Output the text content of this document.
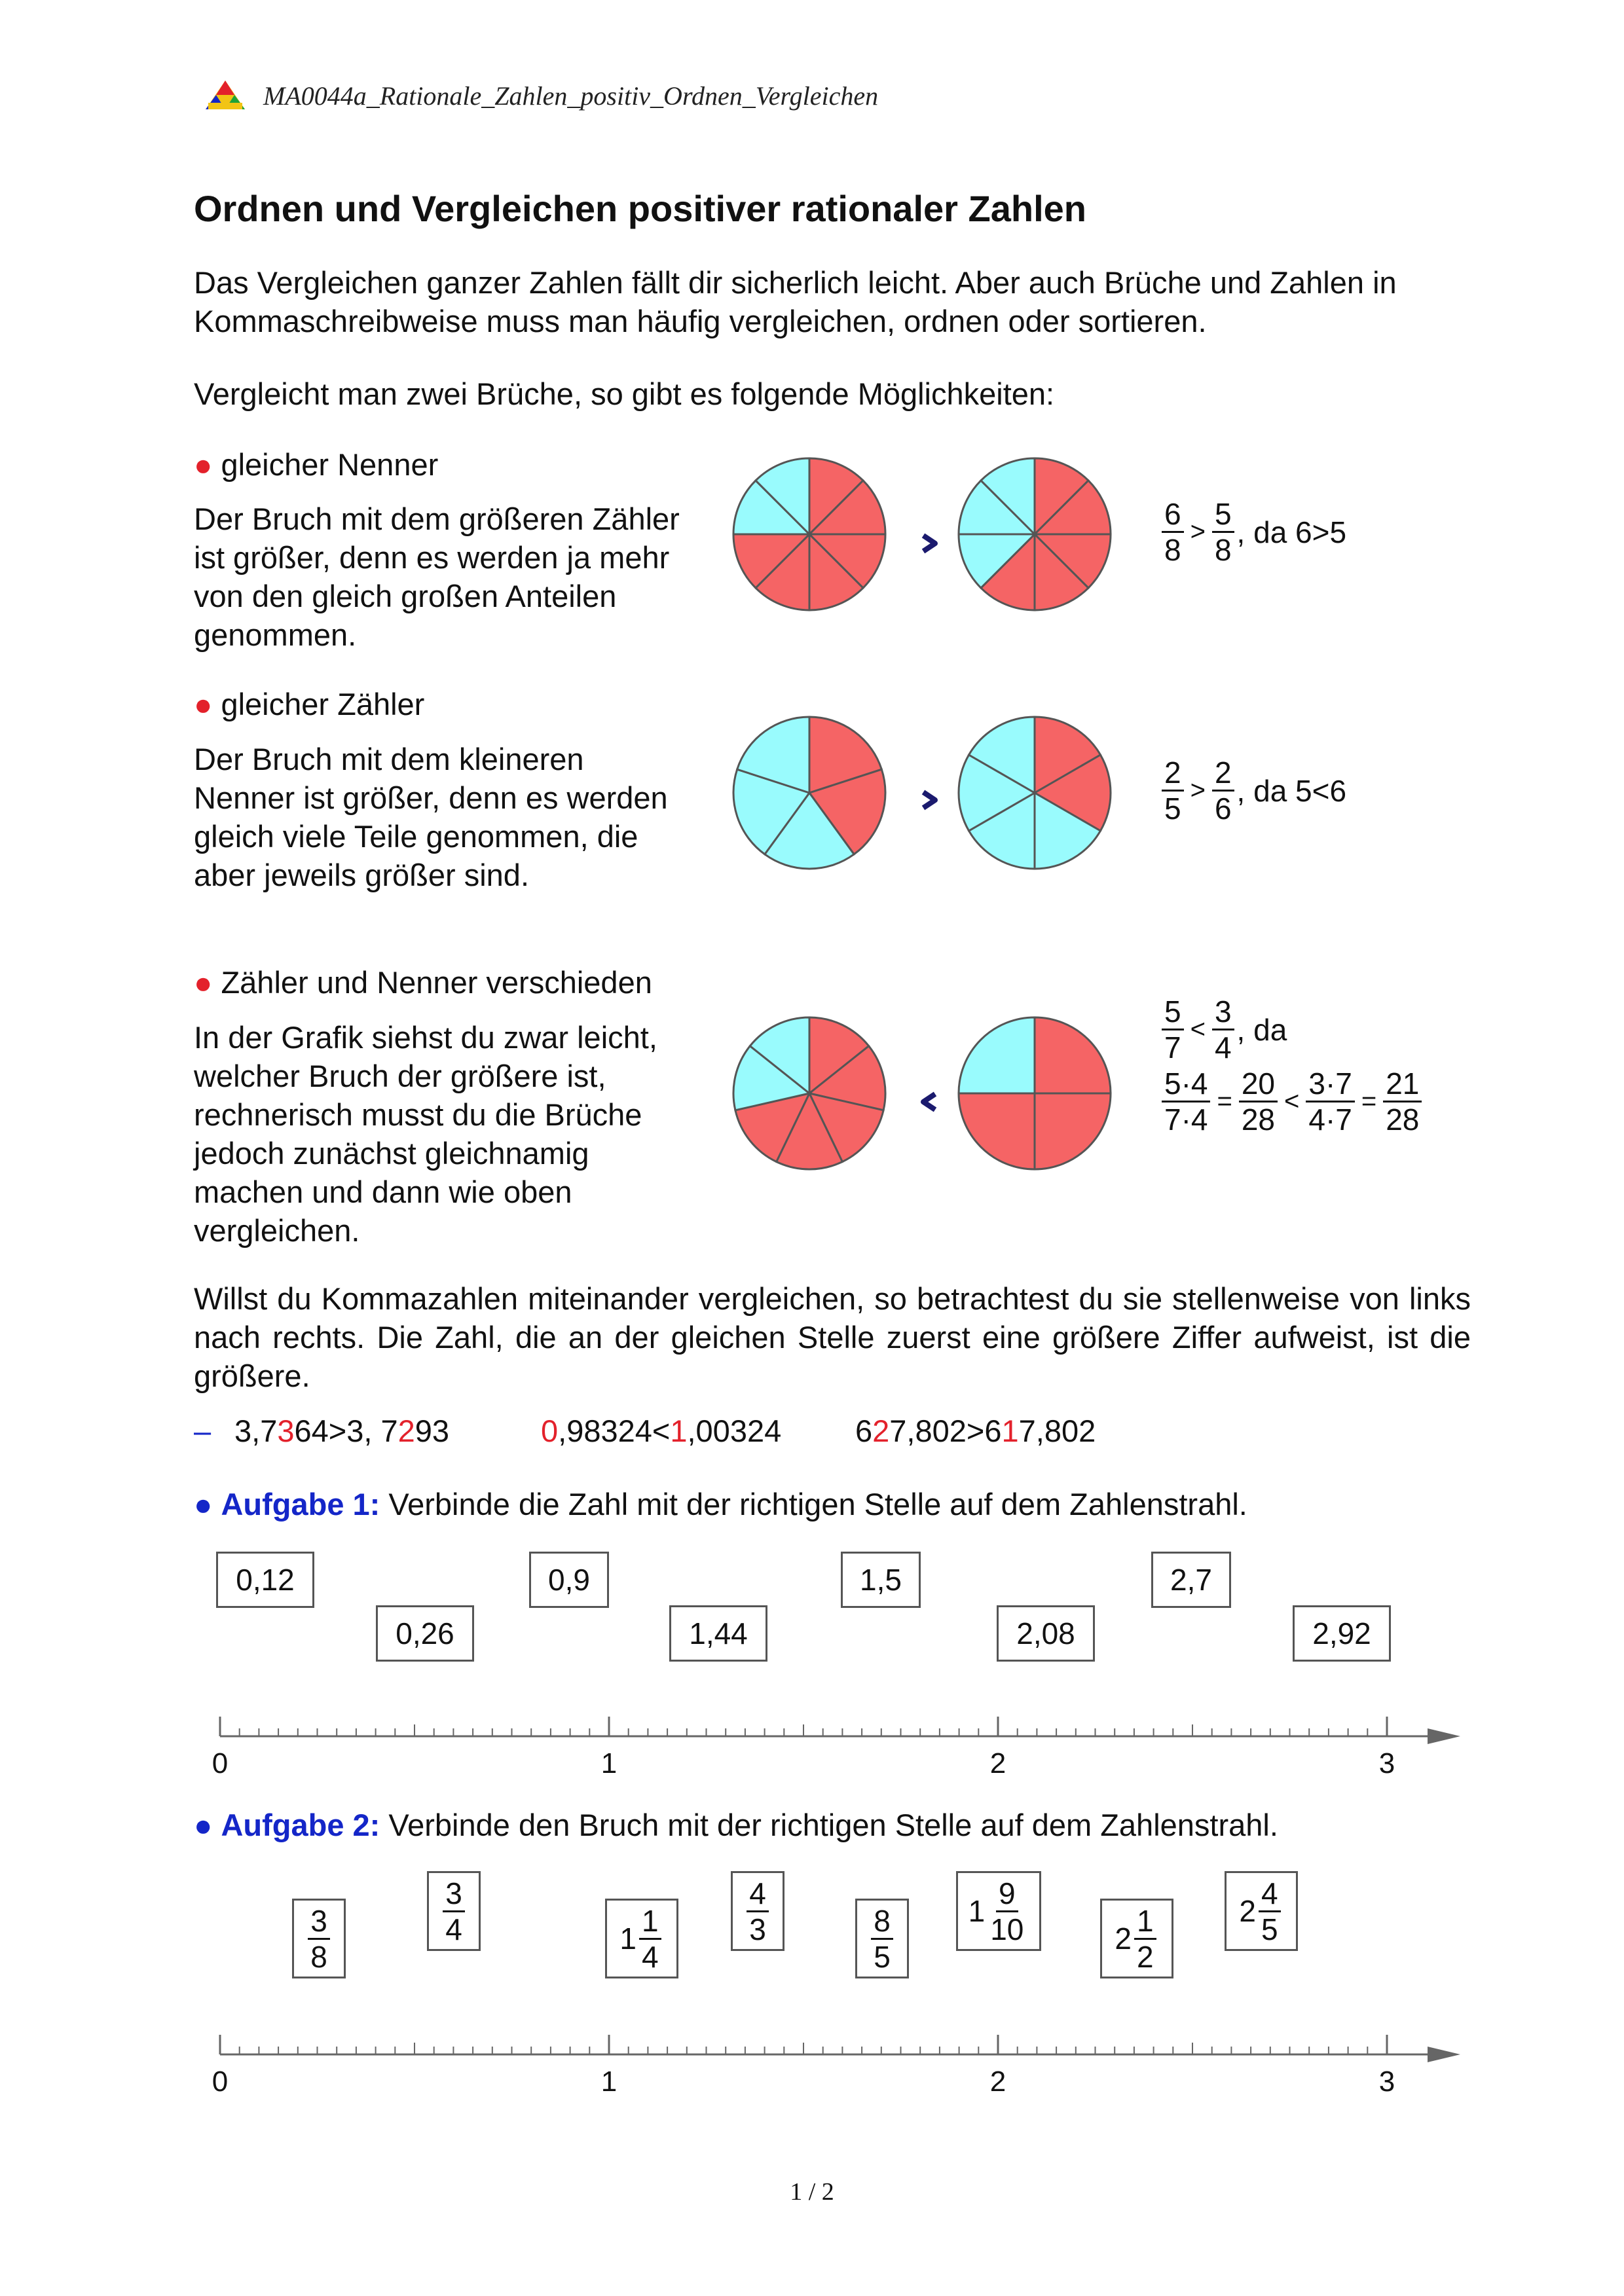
MA0044a_Rationale_Zahlen_positiv_Ordnen_Vergleichen
Ordnen und Vergleichen positiver rationaler Zahlen
Das Vergleichen ganzer Zahlen fällt dir sicherlich leicht. Aber auch Brüche und Zahlen in Kommaschreibweise muss man häufig vergleichen, ordnen oder sortieren.
Vergleicht man zwei Brüche, so gibt es folgende Möglichkeiten:
● gleicher Nenner
Der Bruch mit dem größeren Zähler ist größer, denn es werden ja mehr von den gleich großen Anteilen genommen.
● gleicher Zähler
Der Bruch mit dem kleineren Nenner ist größer, denn es werden gleich viele Teile genommen, die aber jeweils größer sind.
● Zähler und Nenner verschieden
In der Grafik siehst du zwar leicht, welcher Bruch der größere ist, rechnerisch musst du die Brüche jedoch zunächst gleichnamig machen und dann wie oben vergleichen.
$\frac{6}{8} > \frac{5}{8}$ , da 6>5
$\frac{2}{5} > \frac{2}{6}$ , da 5<6
$\frac{5}{7} < \frac{3}{4}$ , da
$\frac{5\cdot 4}{7\cdot 4} = \frac{20}{28} < \frac{3\cdot 7}{4\cdot 7} = \frac{21}{28}$
Willst du Kommazahlen miteinander vergleichen, so betrachtest du sie stellenweise von links nach rechts. Die Zahl, die an der gleichen Stelle zuerst eine größere Ziffer aufweist, ist die größere.
– 3,7364>3, 7293	0,98324<1,00324 627,802>617,802
● Aufgabe 1: Verbinde die Zahl mit der richtigen Stelle auf dem Zahlenstrahl.
0,12
0,26
0,9
1,44
1,5
2,08
2,7
2,92
0	1	2	3
● Aufgabe 2: Verbinde den Bruch mit der richtigen Stelle auf dem Zahlenstrahl.
$\frac{3}{8}$	$\frac{3}{4}$	$1 \frac{1}{4}$	$\frac{4}{3}$	$\frac{8}{5} 1 \frac{9}{10}$	$2 \frac{1}{2}$	$2 \frac{4}{5}$
0	1	2	3
1 / 2
